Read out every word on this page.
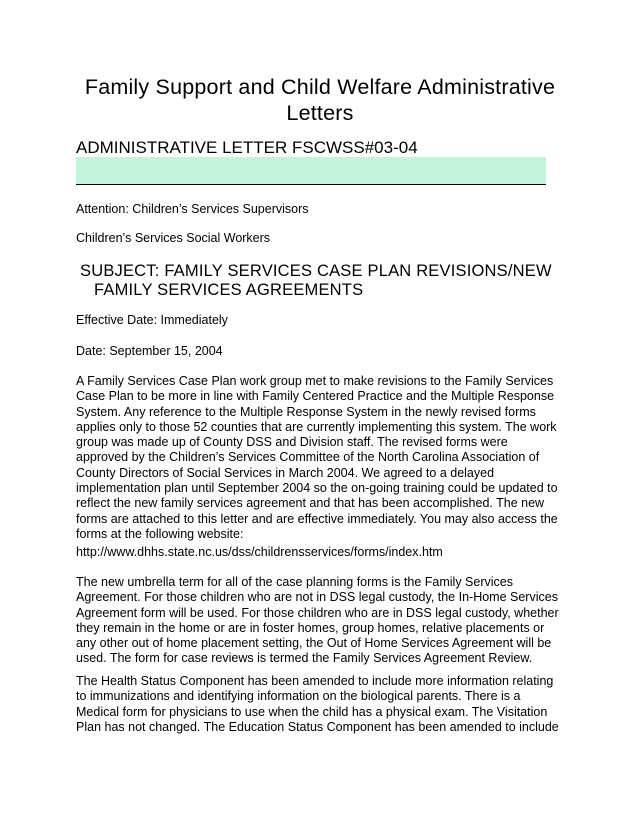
Family Support and Child Welfare Administrative Letters
ADMINISTRATIVE LETTER FSCWSS#03-04
Attention: Children’s Services Supervisors
Children’s Services Social Workers
SUBJECT: FAMILY SERVICES CASE PLAN REVISIONS/NEW
FAMILY SERVICES AGREEMENTS
Effective Date: Immediately
Date: September 15, 2004
A Family Services Case Plan work group met to make revisions to the Family Services
Case Plan to be more in line with Family Centered Practice and the Multiple Response
System. Any reference to the Multiple Response System in the newly revised forms
applies only to those 52 counties that are currently implementing this system. The work
group was made up of County DSS and Division staff. The revised forms were
approved by the Children’s Services Committee of the North Carolina Association of
County Directors of Social Services in March 2004. We agreed to a delayed
implementation plan until September 2004 so the on-going training could be updated to
reflect the new family services agreement and that has been accomplished. The new
forms are attached to this letter and are effective immediately. You may also access the
forms at the following website:
http://www.dhhs.state.nc.us/dss/childrensservices/forms/index.htm
The new umbrella term for all of the case planning forms is the Family Services
Agreement. For those children who are not in DSS legal custody, the In-Home Services
Agreement form will be used. For those children who are in DSS legal custody, whether
they remain in the home or are in foster homes, group homes, relative placements or
any other out of home placement setting, the Out of Home Services Agreement will be
used. The form for case reviews is termed the Family Services Agreement Review.
The Health Status Component has been amended to include more information relating
to immunizations and identifying information on the biological parents. There is a
Medical form for physicians to use when the child has a physical exam. The Visitation
Plan has not changed. The Education Status Component has been amended to include
